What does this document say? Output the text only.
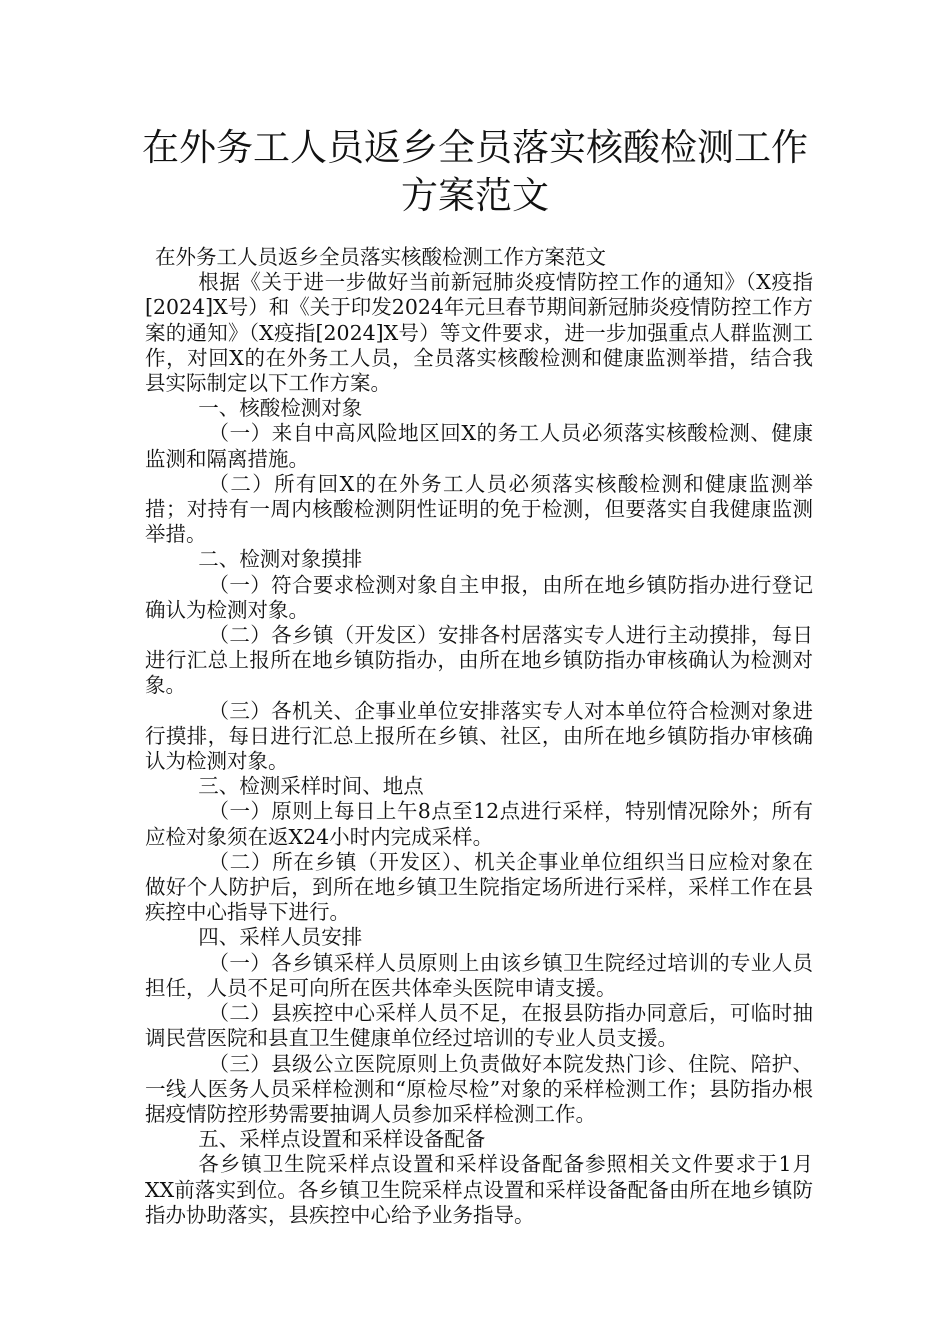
在外务工人员返乡全员落实核酸检测工作
方案范文

在外务工人员返乡全员落实核酸检测工作方案范文

根据《关于进一步做好当前新冠肺炎疫情防控工作的通知》（X疫指[2024]X号）和《关于印发2024年元旦春节期间新冠肺炎疫情防控工作方案的通知》（X疫指[2024]X号）等文件要求，进一步加强重点人群监测工作，对回X的在外务工人员，全员落实核酸检测和健康监测举措，结合我县实际制定以下工作方案。

一、核酸检测对象

（一）来自中高风险地区回X的务工人员必须落实核酸检测、健康监测和隔离措施。

（二）所有回X的在外务工人员必须落实核酸检测和健康监测举措；对持有一周内核酸检测阴性证明的免于检测，但要落实自我健康监测举措。

二、检测对象摸排

（一）符合要求检测对象自主申报，由所在地乡镇防指办进行登记确认为检测对象。

（二）各乡镇（开发区）安排各村居落实专人进行主动摸排，每日进行汇总上报所在地乡镇防指办，由所在地乡镇防指办审核确认为检测对象。

（三）各机关、企事业单位安排落实专人对本单位符合检测对象进行摸排，每日进行汇总上报所在乡镇、社区，由所在地乡镇防指办审核确认为检测对象。

三、检测采样时间、地点

（一）原则上每日上午8点至12点进行采样，特别情况除外；所有应检对象须在返X24小时内完成采样。

（二）所在乡镇（开发区）、机关企事业单位组织当日应检对象在做好个人防护后，到所在地乡镇卫生院指定场所进行采样，采样工作在县疾控中心指导下进行。

四、采样人员安排

（一）各乡镇采样人员原则上由该乡镇卫生院经过培训的专业人员担任，人员不足可向所在医共体牵头医院申请支援。

（二）县疾控中心采样人员不足，在报县防指办同意后，可临时抽调民营医院和县直卫生健康单位经过培训的专业人员支援。

（三）县级公立医院原则上负责做好本院发热门诊、住院、陪护、一线人医务人员采样检测和“原检尽检”对象的采样检测工作；县防指办根据疫情防控形势需要抽调人员参加采样检测工作。

五、采样点设置和采样设备配备

各乡镇卫生院采样点设置和采样设备配备参照相关文件要求于1月XX前落实到位。各乡镇卫生院采样点设置和采样设备配备由所在地乡镇防指办协助落实，县疾控中心给予业务指导。
